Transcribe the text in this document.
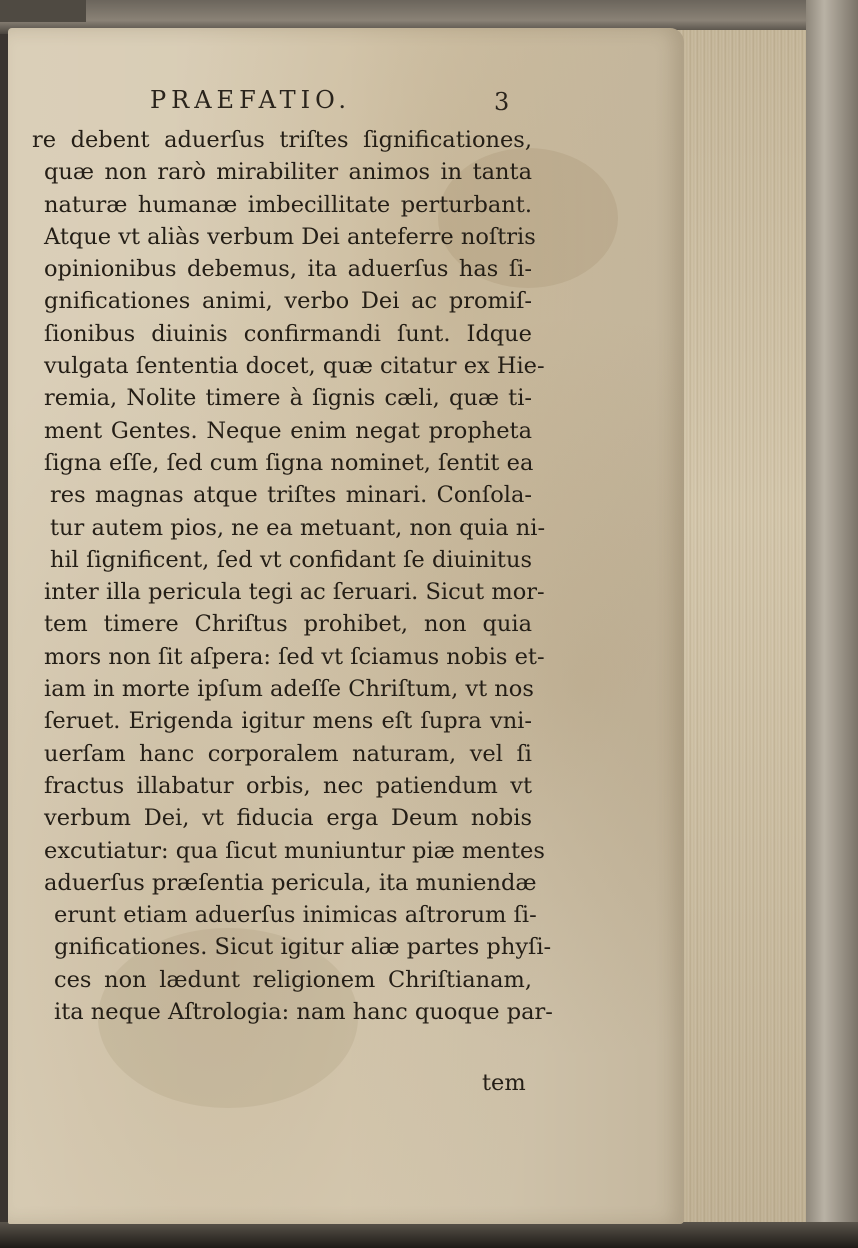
PRAEFATIO.	3
re debent aduerſus triſtes ſignificationes,
quæ non rarò mirabiliter animos in tanta
naturæ humanæ imbecillitate perturbant.
Atque vt aliàs verbum Dei anteferre noſtris
opinionibus debemus, ita aduerſus has ſi-
gnificationes animi, verbo Dei ac promiſ-
ſionibus diuinis confirmandi ſunt. Idque
vulgata ſententia docet, quæ citatur ex Hie-
remia, Nolite timere à ſignis cæli, quæ ti-
ment Gentes. Neque enim negat propheta
ſigna eſſe, ſed cum ſigna nominet, ſentit ea
res magnas atque triſtes minari. Conſola-
tur autem pios, ne ea metuant, non quia ni-
hil ſignificent, ſed vt confidant ſe diuinitus
inter illa pericula tegi ac ſeruari. Sicut mor-
tem timere Chriſtus prohibet, non quia
mors non ſit aſpera: ſed vt ſciamus nobis et-
iam in morte ipſum adeſſe Chriſtum, vt nos
ſeruet. Erigenda igitur mens eſt ſupra vni-
uerſam hanc corporalem naturam, vel ſi
fractus illabatur orbis, nec patiendum vt
verbum Dei, vt fiducia erga Deum nobis
excutiatur: qua ſicut muniuntur piæ mentes
aduerſus præſentia pericula, ita muniendæ
erunt etiam aduerſus inimicas aſtrorum ſi-
gnificationes. Sicut igitur aliæ partes phyſi-
ces non lædunt religionem Chriſtianam,
ita neque Aſtrologia: nam hanc quoque par-
tem
